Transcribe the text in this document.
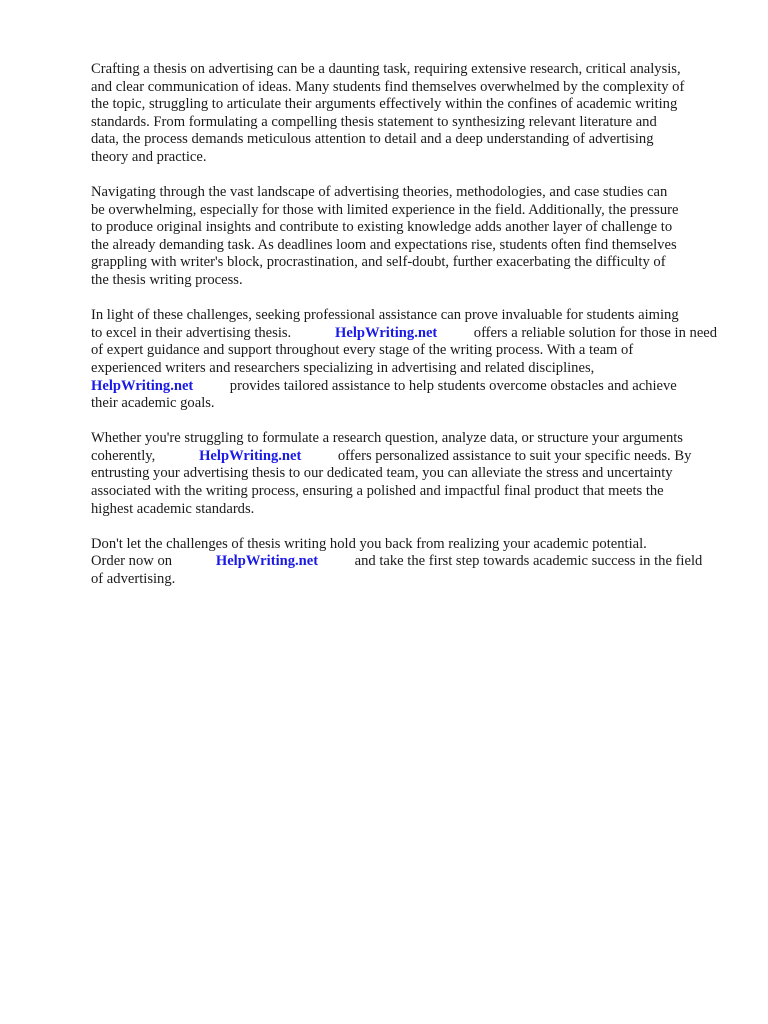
Crafting a thesis on advertising can be a daunting task, requiring extensive research, critical analysis,
and clear communication of ideas. Many students find themselves overwhelmed by the complexity of
the topic, struggling to articulate their arguments effectively within the confines of academic writing
standards. From formulating a compelling thesis statement to synthesizing relevant literature and
data, the process demands meticulous attention to detail and a deep understanding of advertising
theory and practice.

Navigating through the vast landscape of advertising theories, methodologies, and case studies can
be overwhelming, especially for those with limited experience in the field. Additionally, the pressure
to produce original insights and contribute to existing knowledge adds another layer of challenge to
the already demanding task. As deadlines loom and expectations rise, students often find themselves
grappling with writer's block, procrastination, and self-doubt, further exacerbating the difficulty of
the thesis writing process.

In light of these challenges, seeking professional assistance can prove invaluable for students aiming
to excel in their advertising thesis.   	HelpWriting.net    offers a reliable solution for those in need
of expert guidance and support throughout every stage of the writing process. With a team of
experienced writers and researchers specializing in advertising and related disciplines,
HelpWriting.net    provides tailored assistance to help students overcome obstacles and achieve
their academic goals.

Whether you're struggling to formulate a research question, analyze data, or structure your arguments
coherently,   	HelpWriting.net    offers personalized assistance to suit your specific needs. By
entrusting your advertising thesis to our dedicated team, you can alleviate the stress and uncertainty
associated with the writing process, ensuring a polished and impactful final product that meets the
highest academic standards.

Don't let the challenges of thesis writing hold you back from realizing your academic potential.
Order now on   	HelpWriting.net    and take the first step towards academic success in the field
of advertising.
